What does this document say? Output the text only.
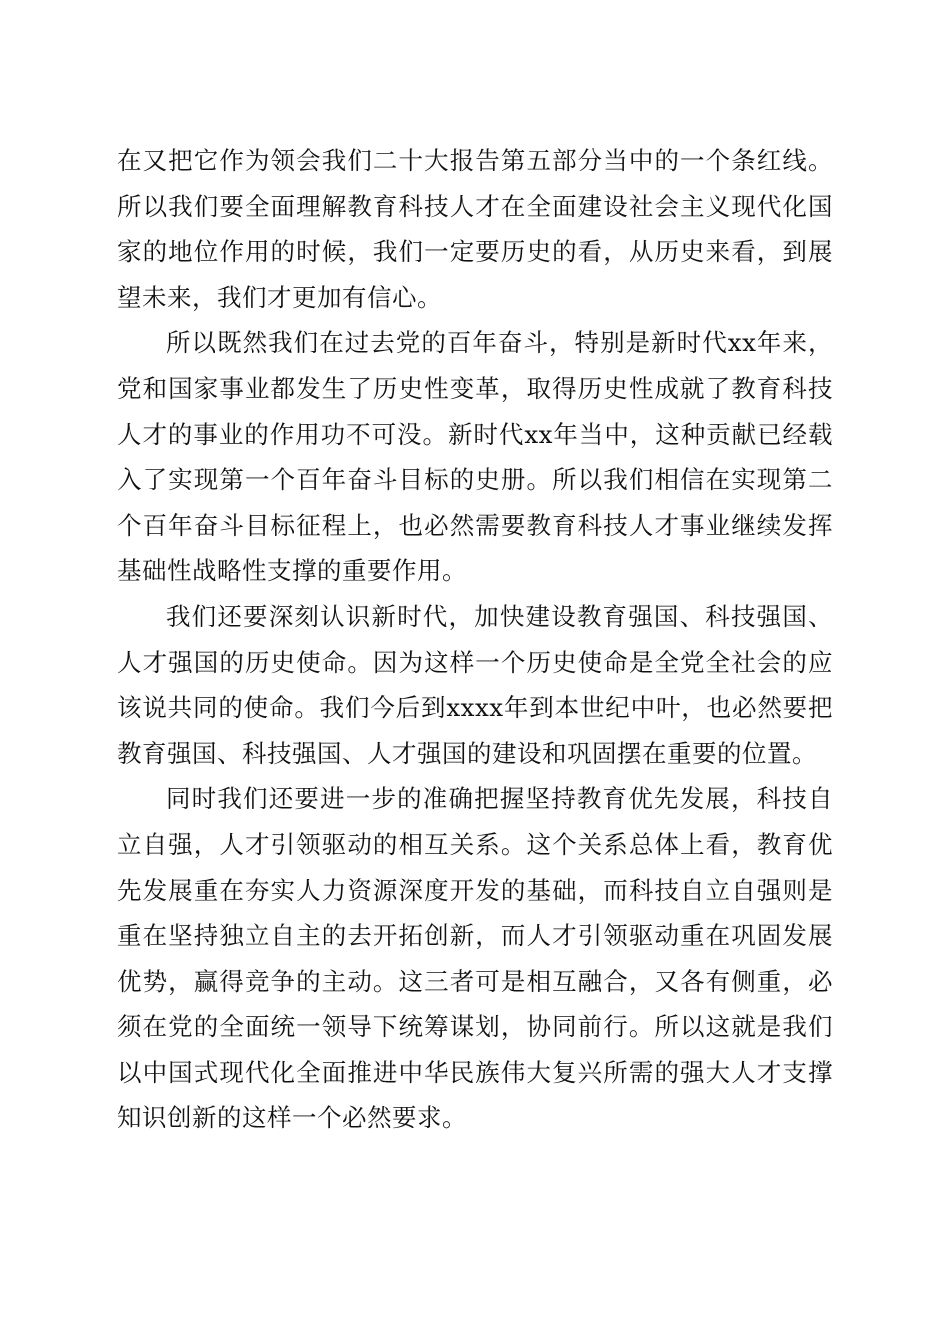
在又把它作为领会我们二十大报告第五部分当中的一个条红线。所以我们要全面理解教育科技人才在全面建设社会主义现代化国家的地位作用的时候，我们一定要历史的看，从历史来看，到展望未来，我们才更加有信心。

所以既然我们在过去党的百年奋斗，特别是新时代xx年来，党和国家事业都发生了历史性变革，取得历史性成就了教育科技人才的事业的作用功不可没。新时代xx年当中，这种贡献已经载入了实现第一个百年奋斗目标的史册。所以我们相信在实现第二个百年奋斗目标征程上，也必然需要教育科技人才事业继续发挥基础性战略性支撑的重要作用。

我们还要深刻认识新时代，加快建设教育强国、科技强国、人才强国的历史使命。因为这样一个历史使命是全党全社会的应该说共同的使命。我们今后到xxxx年到本世纪中叶，也必然要把教育强国、科技强国、人才强国的建设和巩固摆在重要的位置。

同时我们还要进一步的准确把握坚持教育优先发展，科技自立自强，人才引领驱动的相互关系。这个关系总体上看，教育优先发展重在夯实人力资源深度开发的基础，而科技自立自强则是重在坚持独立自主的去开拓创新，而人才引领驱动重在巩固发展优势，赢得竞争的主动。这三者可是相互融合，又各有侧重，必须在党的全面统一领导下统筹谋划，协同前行。所以这就是我们以中国式现代化全面推进中华民族伟大复兴所需的强大人才支撑知识创新的这样一个必然要求。
